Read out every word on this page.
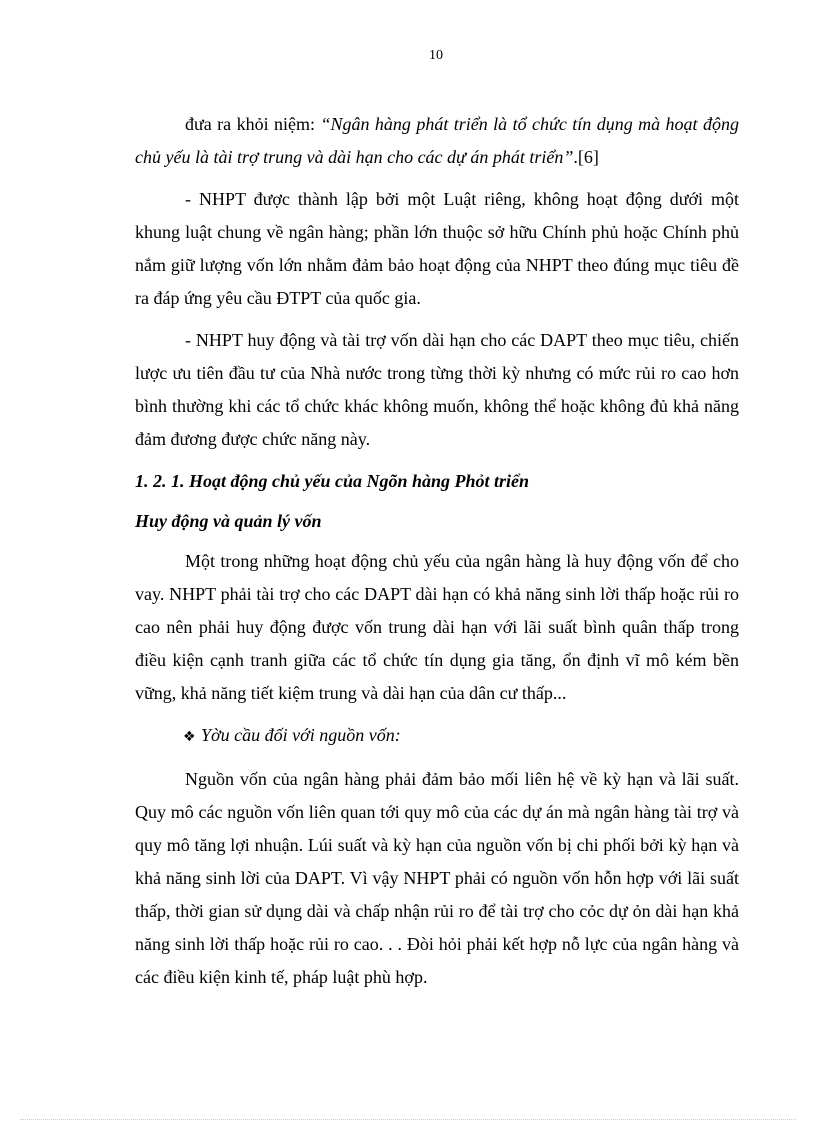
10

đưa ra khỏi niệm: “Ngân hàng phát triển là tổ chức tín dụng mà hoạt động chủ yếu là tài trợ trung và dài hạn cho các dự án phát triển”.[6]

- NHPT được thành lập bởi một Luật riêng, không hoạt động dưới một khung luật chung về ngân hàng; phần lớn thuộc sở hữu Chính phủ hoặc Chính phủ nắm giữ lượng vốn lớn nhằm đảm bảo hoạt động của NHPT theo đúng mục tiêu đề ra đáp ứng yêu cầu ĐTPT của quốc gia.

- NHPT huy động và tài trợ vốn dài hạn cho các DAPT theo mục tiêu, chiến lược ưu tiên đầu tư của Nhà nước trong từng thời kỳ nhưng có mức rủi ro cao hơn bình thường khi các tổ chức khác không muốn, không thể hoặc không đủ khả năng đảm đương được chức năng này.

1. 2. 1. Hoạt động chủ yếu của Ngõn hàng Phỏt triển

Huy động và quản lý vốn

Một trong những hoạt động chủ yếu của ngân hàng là huy động vốn để cho vay. NHPT phải tài trợ cho các DAPT dài hạn có khả năng sinh lời thấp hoặc rủi ro cao nên phải huy động được vốn trung dài hạn với lãi suất bình quân thấp trong điều kiện cạnh tranh giữa các tổ chức tín dụng gia tăng, ổn định vĩ mô kém bền vững, khả năng tiết kiệm trung và dài hạn của dân cư thấp...

❖ Yờu cầu đối với nguồn vốn:

Nguồn vốn của ngân hàng phải đảm bảo mối liên hệ về kỳ hạn và lãi suất. Quy mô các nguồn vốn liên quan tới quy mô của các dự án mà ngân hàng tài trợ và quy mô tăng lợi nhuận. Lúi suất và kỳ hạn của nguồn vốn bị chi phối bởi kỳ hạn và khả năng sinh lời của DAPT. Vì vậy NHPT phải có nguồn vốn hỗn hợp với lãi suất thấp, thời gian sử dụng dài và chấp nhận rủi ro để tài trợ cho cỏc dự ỏn dài hạn khả năng sinh lời thấp hoặc rủi ro cao. . . Đòi hỏi phải kết hợp nỗ lực của ngân hàng và các điều kiện kinh tế, pháp luật phù hợp.
